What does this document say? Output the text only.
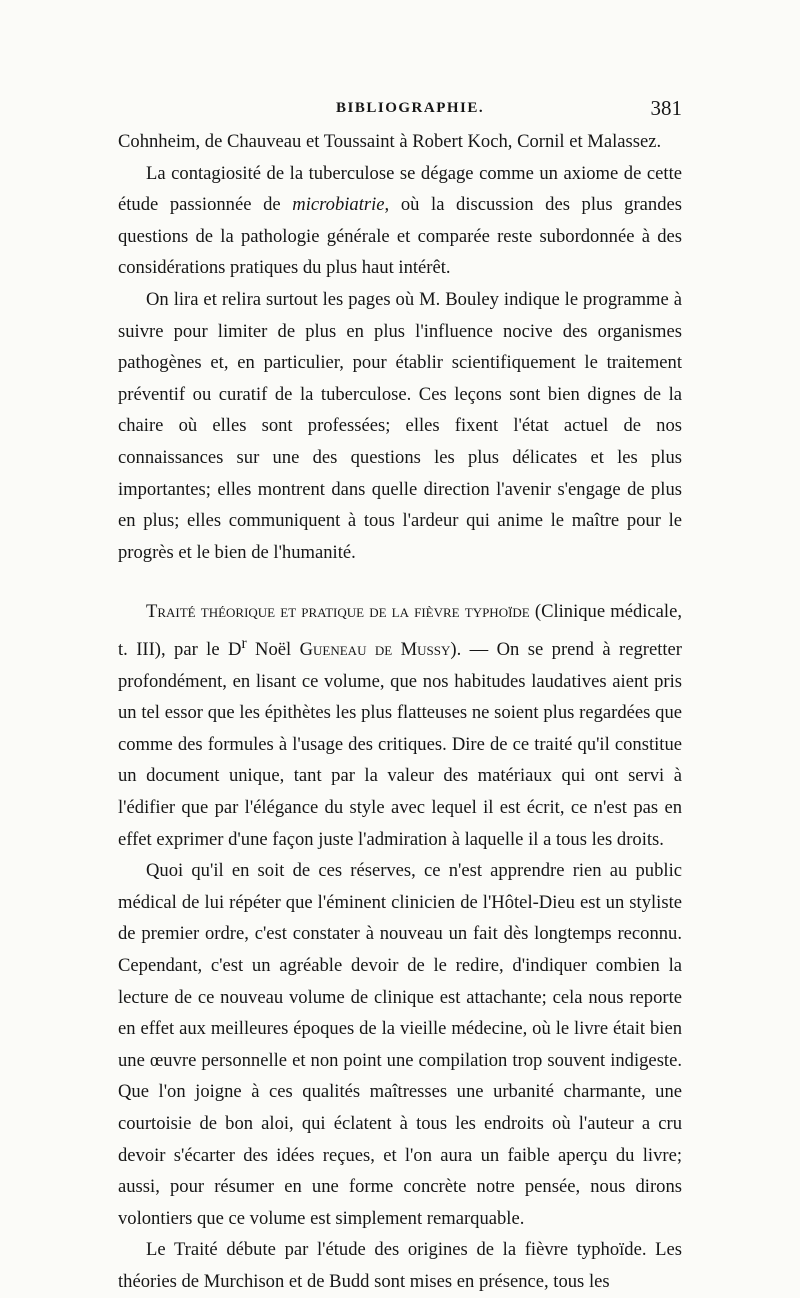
BIBLIOGRAPHIE.	381

Cohnheim, de Chauveau et Toussaint à Robert Koch, Cornil et Malassez.

La contagiosité de la tuberculose se dégage comme un axiome de cette étude passionnée de microbiatrie, où la discussion des plus grandes questions de la pathologie générale et comparée reste subordonnée à des considérations pratiques du plus haut intérêt.

On lira et relira surtout les pages où M. Bouley indique le programme à suivre pour limiter de plus en plus l'influence nocive des organismes pathogènes et, en particulier, pour établir scientifiquement le traitement préventif ou curatif de la tuberculose. Ces leçons sont bien dignes de la chaire où elles sont professées; elles fixent l'état actuel de nos connaissances sur une des questions les plus délicates et les plus importantes; elles montrent dans quelle direction l'avenir s'engage de plus en plus; elles communiquent à tous l'ardeur qui anime le maître pour le progrès et le bien de l'humanité.

Traité théorique et pratique de la fièvre typhoïde (Clinique médicale, t. III), par le $D^r$ Noël Gueneau de Mussy). — On se prend à regretter profondément, en lisant ce volume, que nos habitudes laudatives aient pris un tel essor que les épithètes les plus flatteuses ne soient plus regardées que comme des formules à l'usage des critiques. Dire de ce traité qu'il constitue un document unique, tant par la valeur des matériaux qui ont servi à l'édifier que par l'élégance du style avec lequel il est écrit, ce n'est pas en effet exprimer d'une façon juste l'admiration à laquelle il a tous les droits.

Quoi qu'il en soit de ces réserves, ce n'est apprendre rien au public médical de lui répéter que l'éminent clinicien de l'Hôtel-Dieu est un styliste de premier ordre, c'est constater à nouveau un fait dès longtemps reconnu. Cependant, c'est un agréable devoir de le redire, d'indiquer combien la lecture de ce nouveau volume de clinique est attachante; cela nous reporte en effet aux meilleures époques de la vieille médecine, où le livre était bien une œuvre personnelle et non point une compilation trop souvent indigeste. Que l'on joigne à ces qualités maîtresses une urbanité charmante, une courtoisie de bon aloi, qui éclatent à tous les endroits où l'auteur a cru devoir s'écarter des idées reçues, et l'on aura un faible aperçu du livre; aussi, pour résumer en une forme concrète notre pensée, nous dirons volontiers que ce volume est simplement remarquable.

Le Traité débute par l'étude des origines de la fièvre typhoïde. Les théories de Murchison et de Budd sont mises en présence, tous les
